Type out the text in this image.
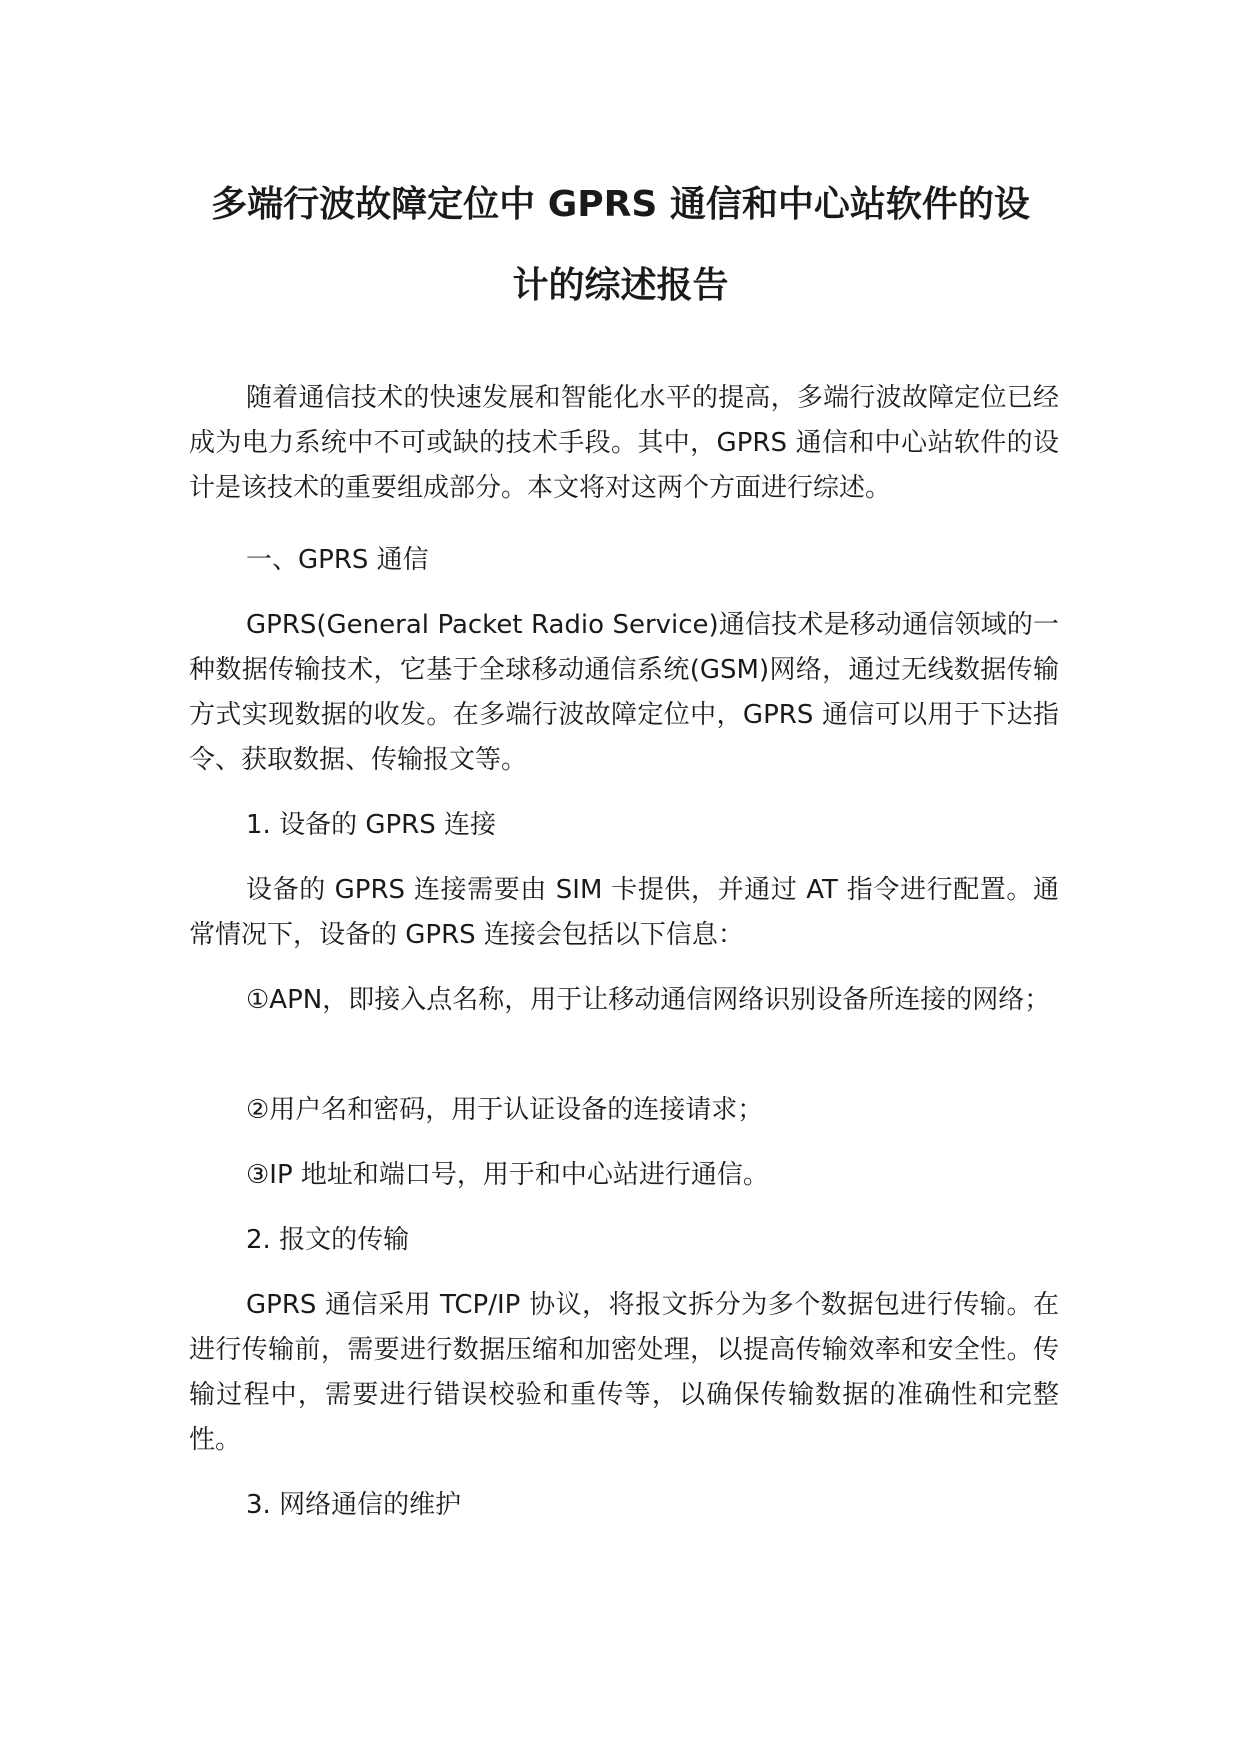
多端行波故障定位中 GPRS 通信和中心站软件的设
计的综述报告
随着通信技术的快速发展和智能化水平的提高，多端行波故障定位已经成为电力系统中不可或缺的技术手段。其中，GPRS 通信和中心站软件的设计是该技术的重要组成部分。本文将对这两个方面进行综述。
一、GPRS 通信
GPRS(General Packet Radio Service)通信技术是移动通信领域的一种数据传输技术，它基于全球移动通信系统(GSM)网络，通过无线数据传输方式实现数据的收发。在多端行波故障定位中，GPRS 通信可以用于下达指令、获取数据、传输报文等。
1. 设备的 GPRS 连接
设备的 GPRS 连接需要由 SIM 卡提供，并通过 AT 指令进行配置。通常情况下，设备的 GPRS 连接会包括以下信息：
①APN，即接入点名称，用于让移动通信网络识别设备所连接的网络；
②用户名和密码，用于认证设备的连接请求；
③IP 地址和端口号，用于和中心站进行通信。
2. 报文的传输
GPRS 通信采用 TCP/IP 协议，将报文拆分为多个数据包进行传输。在进行传输前，需要进行数据压缩和加密处理，以提高传输效率和安全性。传输过程中，需要进行错误校验和重传等，以确保传输数据的准确性和完整性。
3. 网络通信的维护
